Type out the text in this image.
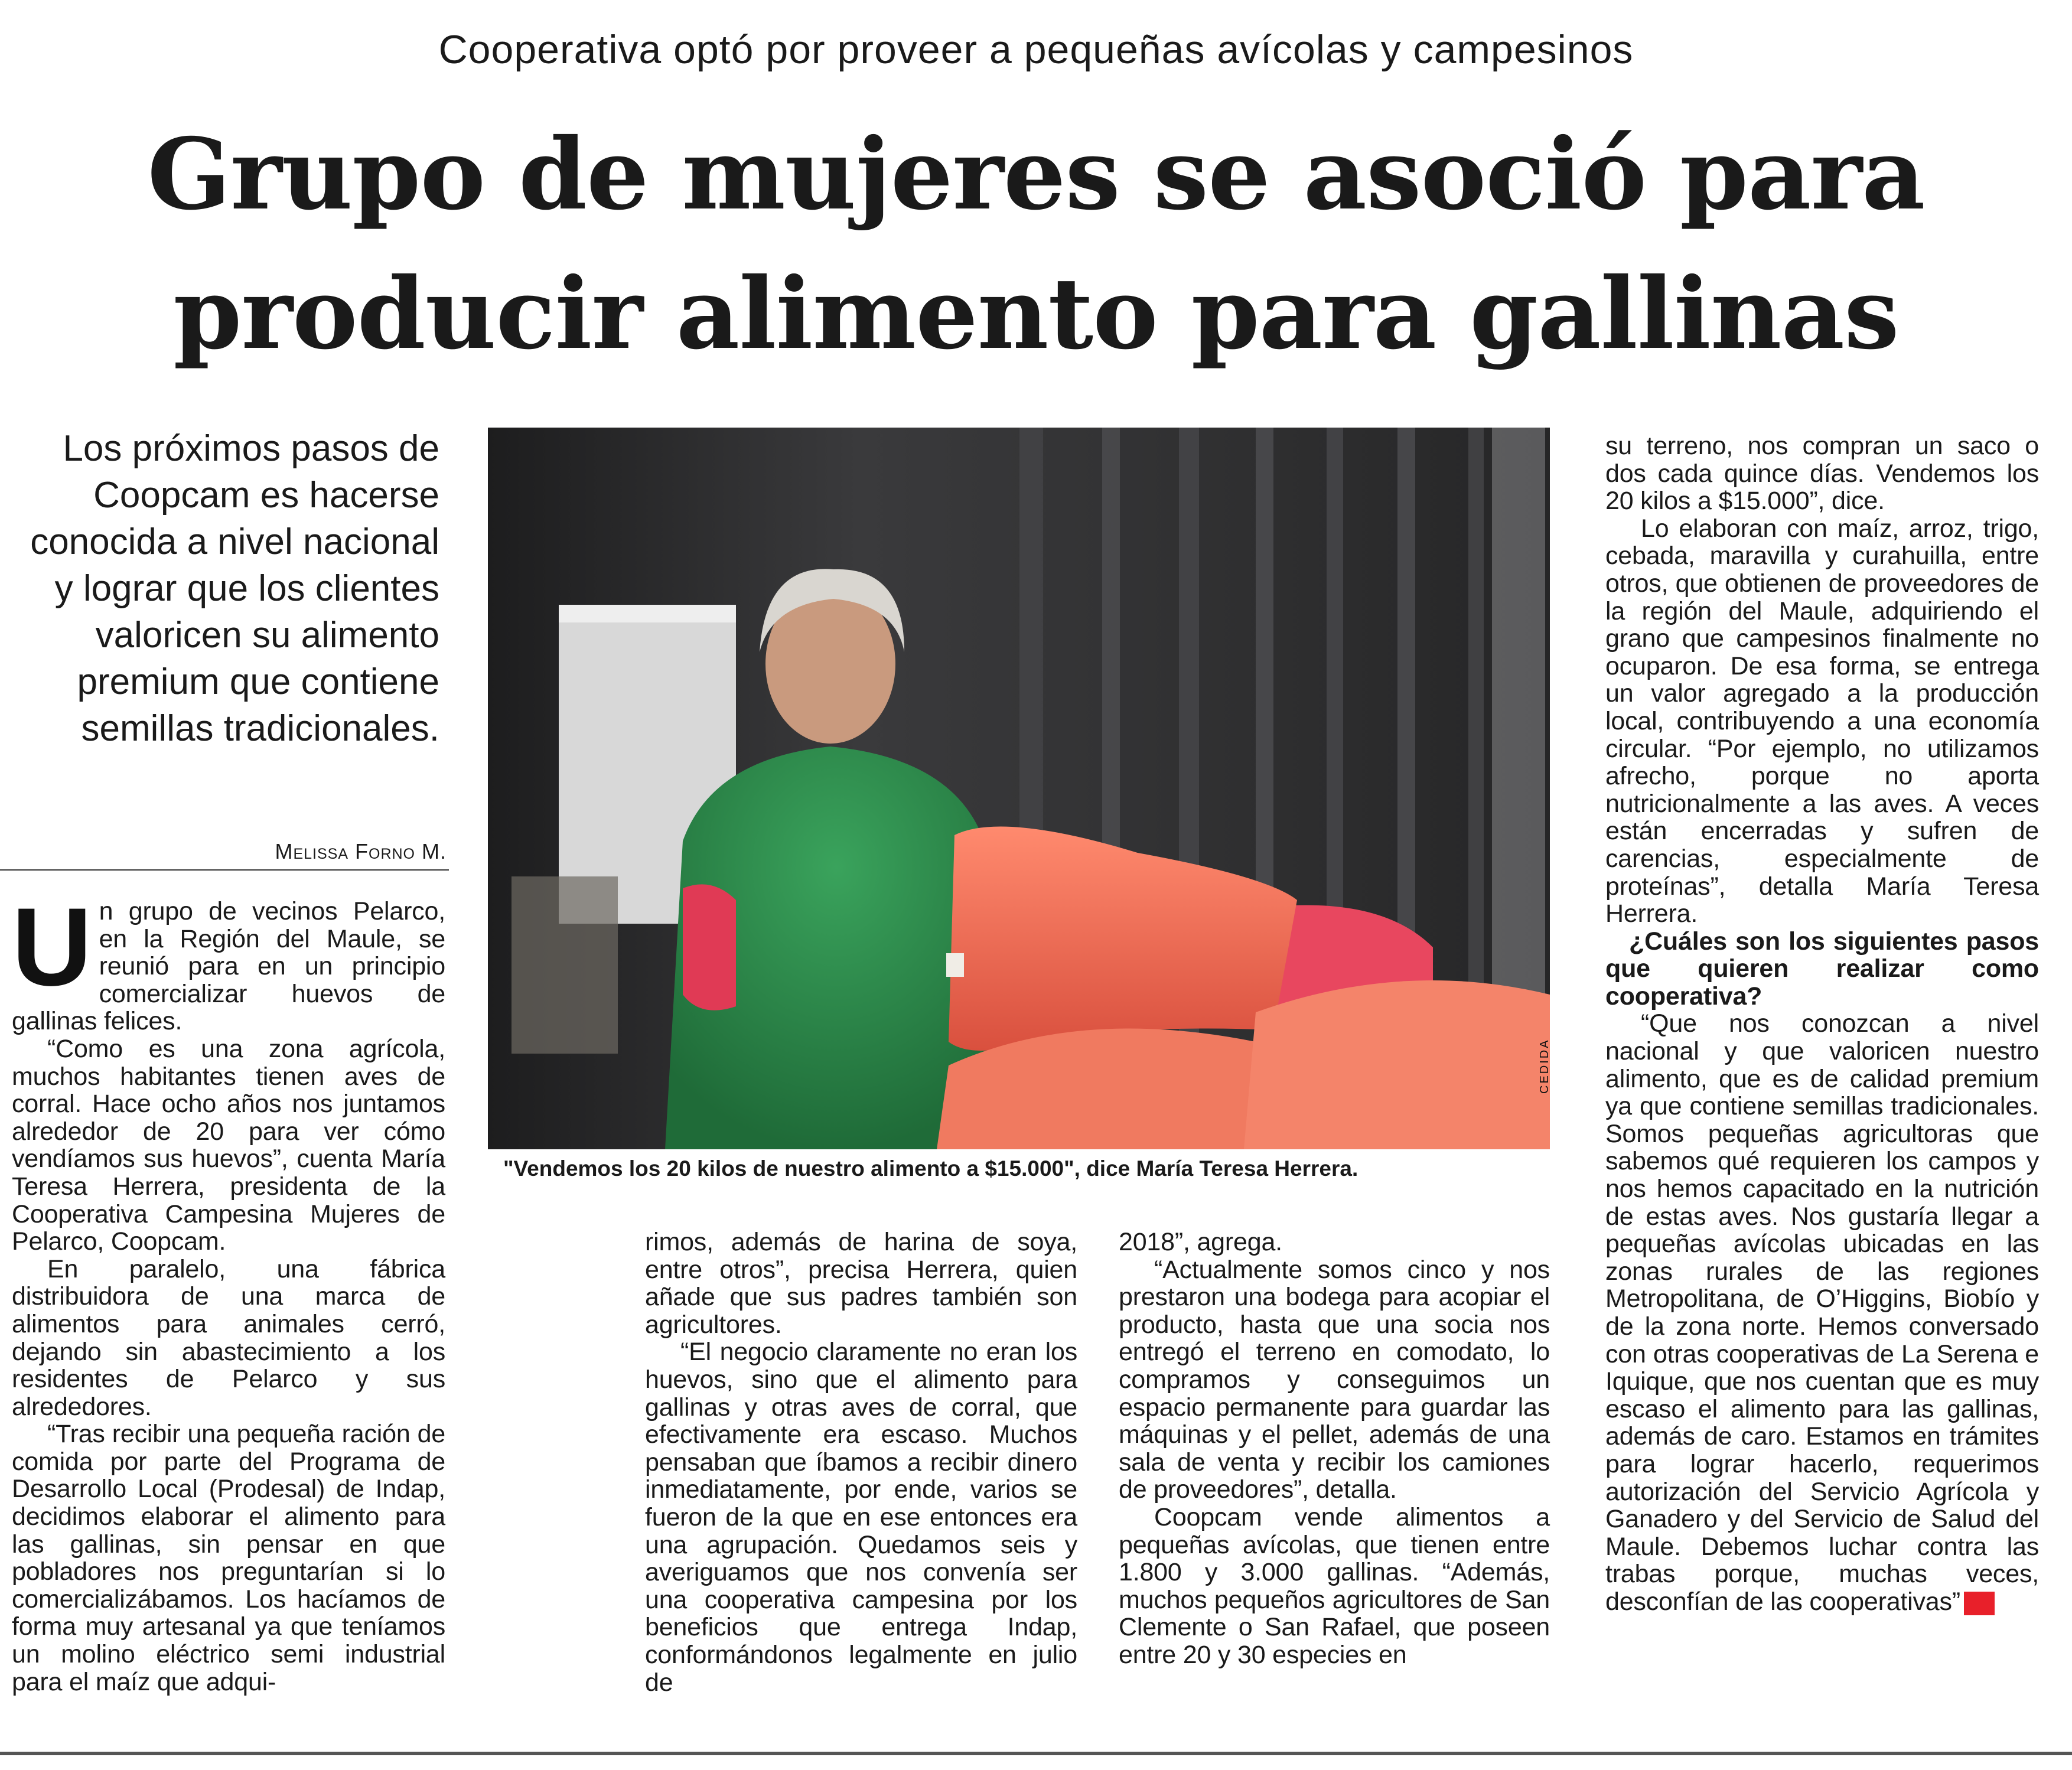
Cooperativa optó por proveer a pequeñas avícolas y campesinos
Grupo de mujeres se asoció para
producir alimento para gallinas
Los próximos pasos de Coopcam es hacerse conocida a nivel nacional y lograr que los clientes valoricen su alimento premium que contiene semillas tradicionales.
Melissa Forno M.
CEDIDA
"Vendemos los 20 kilos de nuestro alimento a $15.000", dice María Teresa Herrera.

Un grupo de vecinos Pelarco, en la Región del Maule, se reunió para en un principio comercializar huevos de gallinas felices.

“Como es una zona agrícola, muchos habitantes tienen aves de corral. Hace ocho años nos juntamos alrededor de 20 para ver cómo vendíamos sus huevos”, cuenta María Teresa Herrera, presidenta de la Cooperativa Campesina Mujeres de Pelarco, Coopcam.

En paralelo, una fábrica distribuidora de una marca de alimentos para animales cerró, dejando sin abastecimiento a los residentes de Pelarco y sus alrededores.

“Tras recibir una pequeña ración de comida por parte del Programa de Desarrollo Local (Prodesal) de Indap, decidimos elaborar el alimento para las gallinas, sin pensar en que pobladores nos preguntarían si lo comercializábamos. Los hacíamos de forma muy artesanal ya que teníamos un molino eléctrico semi industrial para el maíz que adqui-

rimos, además de harina de soya, entre otros”, precisa Herrera, quien añade que sus padres también son agricultores.

“El negocio claramente no eran los huevos, sino que el alimento para gallinas y otras aves de corral, que efectivamente era escaso. Muchos pensaban que íbamos a recibir dinero inmediatamente, por ende, varios se fueron de la que en ese entonces era una agrupación. Quedamos seis y averiguamos que nos convenía ser una cooperativa campesina por los beneficios que entrega Indap, conformándonos legalmente en julio de

2018”, agrega.

“Actualmente somos cinco y nos prestaron una bodega para acopiar el producto, hasta que una socia nos entregó el terreno en comodato, lo compramos y conseguimos un espacio permanente para guardar las máquinas y el pellet, además de una sala de venta y recibir los camiones de proveedores”, detalla.

Coopcam vende alimentos a pequeñas avícolas, que tienen entre 1.800 y 3.000 gallinas. “Además, muchos pequeños agricultores de San Clemente o San Rafael, que poseen entre 20 y 30 especies en

su terreno, nos compran un saco o dos cada quince días. Vendemos los 20 kilos a $15.000”, dice.

Lo elaboran con maíz, arroz, trigo, cebada, maravilla y curahuilla, entre otros, que obtienen de proveedores de la región del Maule, adquiriendo el grano que campesinos finalmente no ocuparon. De esa forma, se entrega un valor agregado a la producción local, contribuyendo a una economía circular. “Por ejemplo, no utilizamos afrecho, porque no aporta nutricionalmente a las aves. A veces están encerradas y sufren de carencias, especialmente de proteínas”, detalla María Teresa Herrera.

¿Cuáles son los siguientes pasos que quieren realizar como cooperativa?

“Que nos conozcan a nivel nacional y que valoricen nuestro alimento, que es de calidad premium ya que contiene semillas tradicionales. Somos pequeñas agricultoras que sabemos qué requieren los campos y nos hemos capacitado en la nutrición de estas aves. Nos gustaría llegar a pequeñas avícolas ubicadas en las zonas rurales de las regiones Metropolitana, de O’Higgins, Biobío y de la zona norte. Hemos conversado con otras cooperativas de La Serena e Iquique, que nos cuentan que es muy escaso el alimento para las gallinas, además de caro. Estamos en trámites para lograr hacerlo, requerimos autorización del Servicio Agrícola y Ganadero y del Servicio de Salud del Maule. Debemos luchar contra las trabas porque, muchas veces, desconfían de las cooperativas” M
